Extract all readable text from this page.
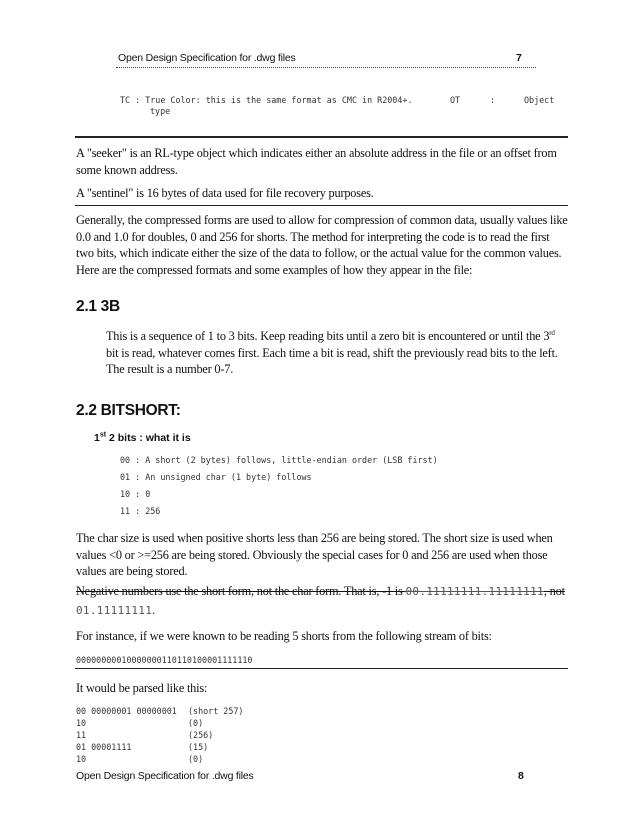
Open Design Specification for .dwg files	7
TC : True Color: this is the same format as CMC in R2004+.
type
OT	:	Object
A "seeker" is an RL-type object which indicates either an absolute address in the file or an offset from some known address.
A "sentinel" is 16 bytes of data used for file recovery purposes.
Generally, the compressed forms are used to allow for compression of common data, usually values like 0.0 and 1.0 for doubles, 0 and 256 for shorts. The method for interpreting the code is to read the first two bits, which indicate either the size of the data to follow, or the actual value for the common values. Here are the compressed formats and some examples of how they appear in the file:
2.1 3B
This is a sequence of 1 to 3 bits. Keep reading bits until a zero bit is encountered or until the 3rd bit is read, whatever comes first. Each time a bit is read, shift the previously read bits to the left. The result is a number 0-7.
2.2 BITSHORT:
1st 2 bits : what it is
00 : A short (2 bytes) follows, little-endian order (LSB first)
01 : An unsigned char (1 byte) follows
10 : 0
11 : 256
The char size is used when positive shorts less than 256 are being stored. The short size is used when values <0 or >=256 are being stored. Obviously the special cases for 0 and 256 are used when those values are being stored.
Negative numbers use the short form, not the char form. That is, -1 is 00.11111111.11111111, not
01.11111111.
For instance, if we were known to be reading 5 shorts from the following stream of bits:
00000000010000000110110100001111110
It would be parsed like this:
00 00000001 00000001 (short 257)
10	(0)
11	(256)
01 00001111	(15)
10	(0)
Open Design Specification for .dwg files	8
